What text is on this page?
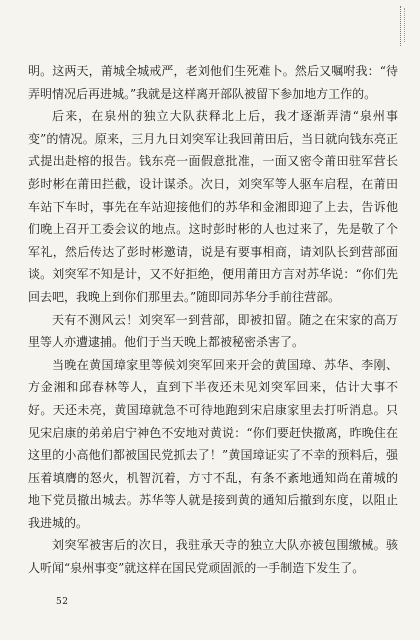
明。这两天，莆城全城戒严，老刘他们生死难卜。然后又嘱咐我：“待弄明情况后再进城。”我就是这样离开部队被留下参加地方工作的。

后来，在泉州的独立大队获释北上后，我才逐渐弄清“泉州事变”的情况。原来，三月九日刘突军让我回莆田后，当日就向钱东亮正式提出赴榕的报告。钱东亮一面假意批准，一面又密令莆田驻军营长彭时彬在莆田拦截，设计谋杀。次日，刘突军等人驱车启程，在莆田车站下车时，事先在车站迎接他们的苏华和金湘即迎了上去，告诉他们晚上召开工委会议的地点。这时彭时彬的人也过来了，先是敬了个军礼，然后传达了彭时彬邀请，说是有要事相商，请刘队长到营部面谈。刘突军不知是计，又不好拒绝，便用莆田方言对苏华说：“你们先回去吧，我晚上到你们那里去。”随即同苏华分手前往营部。

天有不测风云！刘突军一到营部，即被扣留。随之在宋家的高万里等人亦遭逮捕。他们于当天晚上都被秘密杀害了。

当晚在黄国璋家里等候刘突军回来开会的黄国璋、苏华、李刚、方金湘和邱春林等人，直到下半夜还未见刘突军回来，估计大事不好。天还未亮，黄国璋就急不可待地跑到宋启康家里去打听消息。只见宋启康的弟弟启宁神色不安地对黄说：“你们要赶快撤离，昨晚住在这里的小高他们都被国民党抓去了！”黄国璋证实了不幸的预料后，强压着填膺的怒火，机智沉着，方寸不乱，有条不紊地通知尚在莆城的地下党员撤出城去。苏华等人就是接到黄的通知后撤到东度，以阻止我进城的。

刘突军被害后的次日，我驻承天寺的独立大队亦被包围缴械。骇人听闻“泉州事变”就这样在国民党顽固派的一手制造下发生了。

52
